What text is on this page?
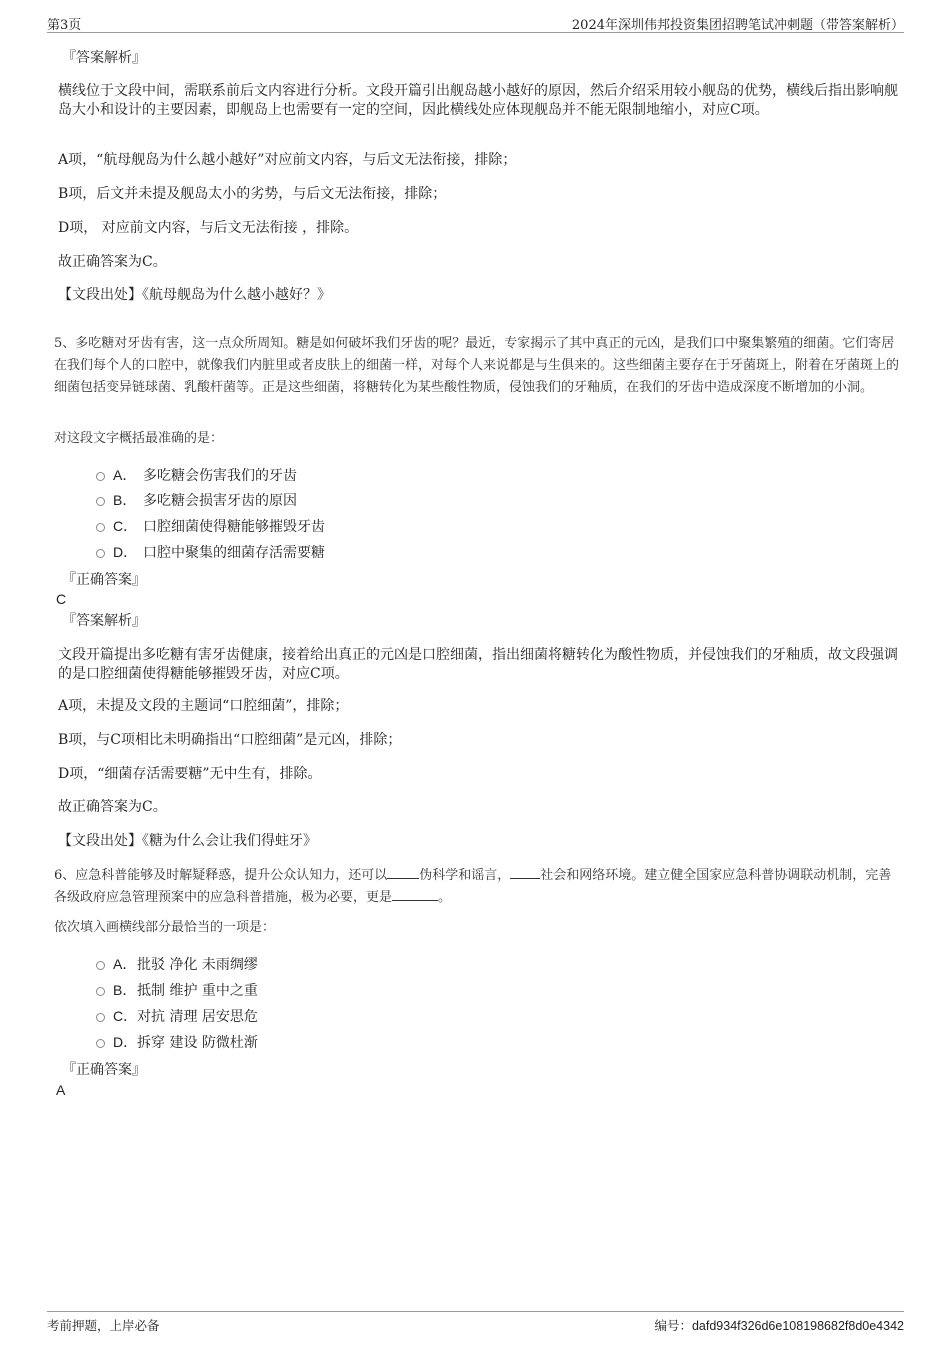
第3页	2024年深圳伟邦投资集团招聘笔试冲刺题（带答案解析）
『答案解析』
横线位于文段中间，需联系前后文内容进行分析。文段开篇引出舰岛越小越好的原因，然后介绍采用较小舰岛的优势，横线后指出影响舰岛大小和设计的主要因素，即舰岛上也需要有一定的空间，因此横线处应体现舰岛并不能无限制地缩小，对应C项。
A项，“航母舰岛为什么越小越好”对应前文内容，与后文无法衔接，排除；
B项，后文并未提及舰岛太小的劣势，与后文无法衔接，排除；
D项， 对应前文内容，与后文无法衔接 ，排除。
故正确答案为C。
【文段出处】《航母舰岛为什么越小越好？》
5、多吃糖对牙齿有害，这一点众所周知。糖是如何破坏我们牙齿的呢？最近，专家揭示了其中真正的元凶，是我们口中聚集繁殖的细菌。它们寄居在我们每个人的口腔中，就像我们内脏里或者皮肤上的细菌一样，对每个人来说都是与生俱来的。这些细菌主要存在于牙菌斑上，附着在牙菌斑上的细菌包括变异链球菌、乳酸杆菌等。正是这些细菌，将糖转化为某些酸性物质，侵蚀我们的牙釉质，在我们的牙齿中造成深度不断增加的小洞。
对这段文字概括最准确的是：
A． 多吃糖会伤害我们的牙齿
B． 多吃糖会损害牙齿的原因
C． 口腔细菌使得糖能够摧毁牙齿
D． 口腔中聚集的细菌存活需要糖
『正确答案』
C
『答案解析』
文段开篇提出多吃糖有害牙齿健康，接着给出真正的元凶是口腔细菌，指出细菌将糖转化为酸性物质，并侵蚀我们的牙釉质，故文段强调的是口腔细菌使得糖能够摧毁牙齿，对应C项。
A项，未提及文段的主题词“口腔细菌”，排除；
B项，与C项相比未明确指出“口腔细菌”是元凶，排除；
D项，“细菌存活需要糖”无中生有，排除。
故正确答案为C。
【文段出处】《糖为什么会让我们得蛀牙》
6、应急科普能够及时解疑释惑，提升公众认知力，还可以 伪科学和谣言， 社会和网络环境。建立健全国家应急科普协调联动机制，完善各级政府应急管理预案中的应急科普措施，极为必要，更是	。
依次填入画横线部分最恰当的一项是：
A． 批驳 净化 未雨绸缪
B． 抵制 维护 重中之重
C． 对抗 清理 居安思危
D． 拆穿 建设 防微杜渐
『正确答案』
A
考前押题，上岸必备	编号：dafd934f326d6e108198682f8d0e4342
